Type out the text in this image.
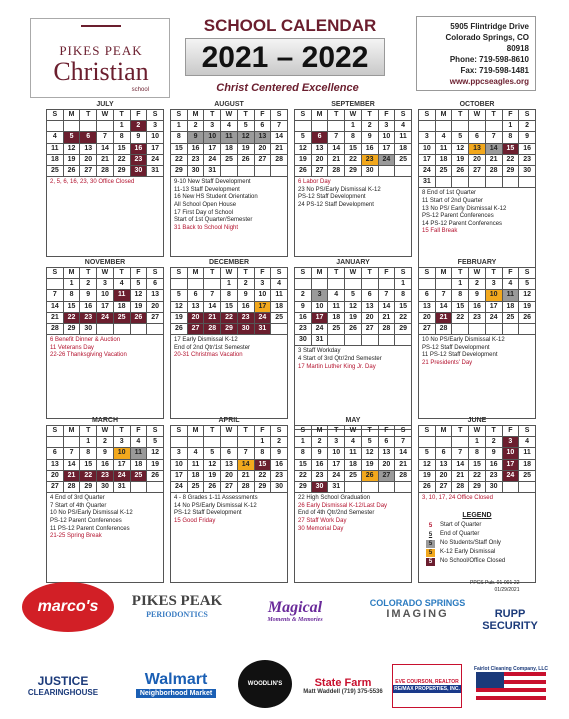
PIKES PEAK
Christian
school
SCHOOL CALENDAR
2021 – 2022
Christ Centered Excellence
5905 Flintridge Drive
Colorado Springs, CO 80918
Phone: 719-598-8610
Fax: 719-598-1481
www.ppcseagles.org
JULY
S	M	T	W	T	F	S
				1	2	3
4	5	6	7	8	9	10
11	12	13	14	15	16	17
18	19	20	21	22	23	24
25	26	27	28	29	30	31
2, 5, 6, 16, 23, 30 Office Closed
AUGUST
S	M	T	W	T	F	S
1	2	3	4	5	6	7
8	9	10	11	12	13	14
15	16	17	18	19	20	21
22	23	24	25	26	27	28
29	30	31				
9-10 New Staff Development
11-13 Staff Development
16 New HS Student Orientation
All School Open House
17 First Day of School
Start of 1st Quarter/Semester
31 Back to School Night
SEPTEMBER
S	M	T	W	T	F	S
			1	2	3	4
5	6	7	8	9	10	11
12	13	14	15	16	17	18
19	20	21	22	23	24	25
26	27	28	29	30		
6 Labor Day
23 No PS/Early Dismissal K-12
PS-12 Staff Development
24 PS-12 Staff Development
OCTOBER
S	M	T	W	T	F	S
					1	2
3	4	5	6	7	8	9
10	11	12	13	14	15	16
17	18	19	20	21	22	23
24	25	26	27	28	29	30
31						
8 End of 1st Quarter
11 Start of 2nd Quarter
13 No PS/ Early Dismissal K-12
PS-12 Parent Conferences
14 PS-12 Parent Conferences
15 Fall Break
NOVEMBER
S	M	T	W	T	F	S
	1	2	3	4	5	6
7	8	9	10	11	12	13
14	15	16	17	18	19	20
21	22	23	24	25	26	27
28	29	30				
6 Benefit Dinner & Auction
11 Veterans Day
22-26 Thanksgiving Vacation
DECEMBER
S	M	T	W	T	F	S
			1	2	3	4
5	6	7	8	9	10	11
12	13	14	15	16	17	18
19	20	21	22	23	24	25
26	27	28	29	30	31	
17 Early Dismissal K-12
End of 2nd Qtr/1st Semester
20-31 Christmas Vacation
JANUARY
S	M	T	W	T	F	S
						1
2	3	4	5	6	7	8
9	10	11	12	13	14	15
16	17	18	19	20	21	22
23	24	25	26	27	28	29
30	31					
3 Staff Workday
4 Start of 3rd Qtr/2nd Semester
17 Martin Luther King Jr. Day
FEBRUARY
S	M	T	W	T	F	S
		1	2	3	4	5
6	7	8	9	10	11	12
13	14	15	16	17	18	19
20	21	22	23	24	25	26
27	28					
10 No PS/Early Dismissal K-12
PS-12 Staff Development
11 PS-12 Staff Development
21 Presidents' Day
MARCH
S	M	T	W	T	F	S
		1	2	3	4	5
6	7	8	9	10	11	12
13	14	15	16	17	18	19
20	21	22	23	24	25	26
27	28	29	30	31		
4 End of 3rd Quarter
7 Start of 4th Quarter
10 No PS/Early Dismissal K-12
PS-12 Parent Conferences
11 PS-12 Parent Conferences
21-25 Spring Break
APRIL
S	M	T	W	T	F	S
					1	2
3	4	5	6	7	8	9
10	11	12	13	14	15	16
17	18	19	20	21	22	23
24	25	26	27	28	29	30
4 - 8 Grades 1-11 Assessments
14 No PS/Early Dismissal K-12
PS-12 Staff Development
15 Good Friday
MAY
S	M	T	W	T	F	S
1	2	3	4	5	6	7
8	9	10	11	12	13	14
15	16	17	18	19	20	21
22	23	24	25	26	27	28
29	30	31				
22 High School Graduation
26 Early Dismissal K-12/Last Day
End of 4th Qtr/2nd Semester
27 Staff Work Day
30 Memorial Day
JUNE
S	M	T	W	T	F	S
			1	2	3	4
5	6	7	8	9	10	11
12	13	14	15	16	17	18
19	20	21	22	23	24	25
26	27	28	29	30		
3, 10, 17, 24 Office Closed
LEGEND
5	Start of Quarter
5	End of Quarter
5	No Students/Staff Only
5	K-12 Early Dismissal
5	No School/Office Closed
PPCS Pub. 01-001-22
01/29/2021
marco's PIKES PEAK
PERIODONTICS	Magical
Moments & Memories
COLORADO SPRINGS
IMAGING	RUPP SECURITY
JUSTICE
CLEARINGHOUSE
Walmart
Neighborhood Market
WOODLIN'S	State Farm
Matt Waddell (719) 375-5536
EVE COURSON, REALTOR
RE/MAX PROPERTIES, INC.
Fairlot Cleaning Company, LLC
